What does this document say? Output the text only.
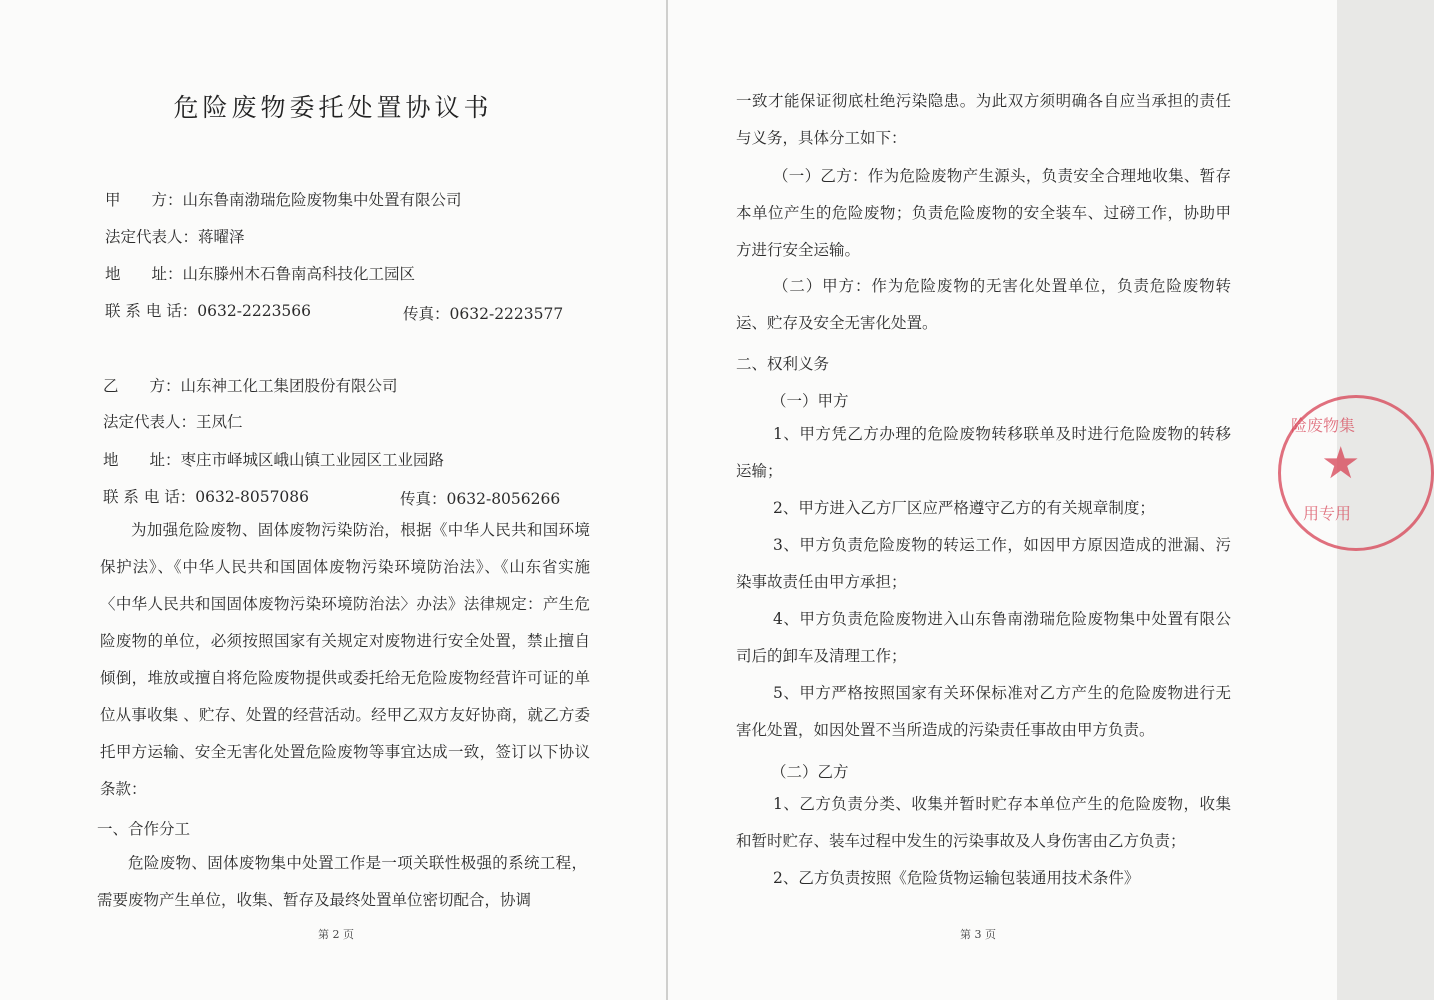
危险废物委托处置协议书
甲　　方：山东鲁南渤瑞危险废物集中处置有限公司
法定代表人：蒋曜泽
地　　址：山东滕州木石鲁南高科技化工园区
联 系 电 话：0632-2223566	传真：0632-2223577
乙　　方：山东神工化工集团股份有限公司
法定代表人：王凤仁
地　　址：枣庄市峄城区峨山镇工业园区工业园路
联 系 电 话：0632-8057086	传真：0632-8056266
为加强危险废物、固体废物污染防治，根据《中华人民共和国环境保护法》、《中华人民共和国固体废物污染环境防治法》、《山东省实施〈中华人民共和国固体废物污染环境防治法〉办法》法律规定：产生危险废物的单位，必须按照国家有关规定对废物进行安全处置，禁止擅自倾倒，堆放或擅自将危险废物提供或委托给无危险废物经营许可证的单位从事收集 、贮存、处置的经营活动。经甲乙双方友好协商，就乙方委托甲方运输、安全无害化处置危险废物等事宜达成一致，签订以下协议条款：
一、合作分工
危险废物、固体废物集中处置工作是一项关联性极强的系统工程，需要废物产生单位，收集、暂存及最终处置单位密切配合，协调
第 2 页
一致才能保证彻底杜绝污染隐患。为此双方须明确各自应当承担的责任与义务，具体分工如下：
（一）乙方：作为危险废物产生源头，负责安全合理地收集、暂存本单位产生的危险废物；负责危险废物的安全装车、过磅工作，协助甲方进行安全运输。
（二）甲方：作为危险废物的无害化处置单位，负责危险废物转运、贮存及安全无害化处置。
二、权利义务
（一）甲方
1、甲方凭乙方办理的危险废物转移联单及时进行危险废物的转移运输；
2、甲方进入乙方厂区应严格遵守乙方的有关规章制度；
3、甲方负责危险废物的转运工作，如因甲方原因造成的泄漏、污染事故责任由甲方承担；
4、甲方负责危险废物进入山东鲁南渤瑞危险废物集中处置有限公司后的卸车及清理工作；
5、甲方严格按照国家有关环保标准对乙方产生的危险废物进行无害化处置，如因处置不当所造成的污染责任事故由甲方负责。
（二）乙方
1、乙方负责分类、收集并暂时贮存本单位产生的危险废物，收集和暂时贮存、装车过程中发生的污染事故及人身伤害由乙方负责；
2、乙方负责按照《危险货物运输包装通用技术条件》
第 3 页
险废物集
★
用专用
